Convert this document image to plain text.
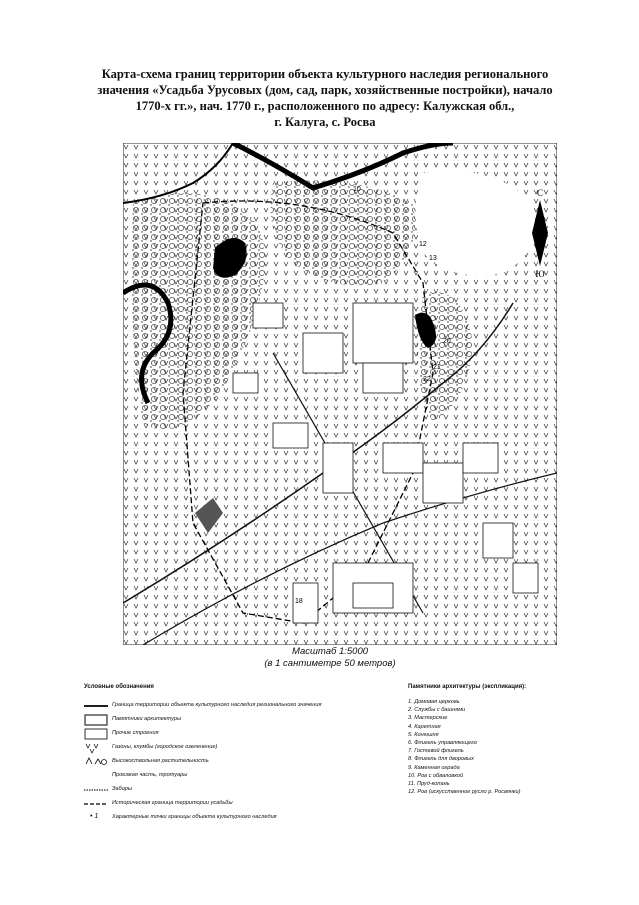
Карта-схема границ территории объекта культурного наследия регионального
значения «Усадьба Урусовых (дом, сад, парк, хозяйственные постройки), начало
1770-х гг.», нач. 1770 г., расположенного по адресу: Калужская обл.,
г. Калуга, с. Росва
10
12
13
20
21
22
18
С
Ю
Масштаб 1:5000
(в 1 сантиметре 50 метров)
Условные обозначения
Граница территории объекта культурного наследия регионального значения
Памятники архитектуры
Прочие строения
Газоны, клумбы (городское озеленение)
Высокоствольная растительность
Проезжая часть, тротуары
Заборы
Историческая граница территории усадьбы
• 1	Характерные точки границы объекта культурного наследия
Памятники архитектуры (экспликация):
1. Домовая церковь
2. Службы с башнями
3. Мастерские
4. Каретная
5. Конюшня
6. Флигель управляющего
7. Гостевой флигель
8. Флигель для дворовых
9. Каменная ограда
10. Ров с обваловкой
11. Пруд-копань
12. Ров (искусственное русло р. Росвянки)
